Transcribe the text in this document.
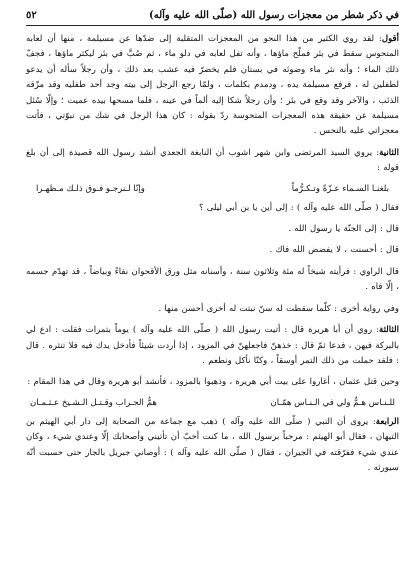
في ذكر شطر من معجزات رسول الله (صلّى الله عليه وآله)
٥٢

أقول: لقد روي الكثير من هذا النحو من المعجزات المتقلبة إلى ضدّها عن مسيلمة ، منها أن لعابه المتحوس سقط في بئر فملّح ماؤها ، وأنه تفل لعابه في دلو ماء ، ثم صُبَّ في بئر ليكثر ماؤها ، فجفّ ذلك الماء ؛ وأنه نثر ماء وضوئه في بستان فلم يخضرّ فيه عشب بعد ذلك ، وأن رجلاً سأله أن يدعو لطفلين له ، فرفع مسيلمة يده ، ودمدم بكلمات ، ولمّا رجع الرجل إلى بيته وجد أحد طفليه وقد مزّقه الذئب ، والآخر وقد وقع في بئر ؛ وأن رجلاً شكا إليه ألماً في عينه ، فلما مسحها بيده عميت ؛ وإلّا سُئل مسيلمة عن حقيقة هذه المعجزات المتحوسة ردّ بقوله : كان هذا الرجل في شك من نبوّتي ، فأتت معجزاتي عليه بالنحس .

الثانية: يروي السيد المرتضى وابن شهر اشوب أن النابغة الجعدي أنشد رسول الله قصيدة إلى أن بلغ قوله :

بلغنـا السـماء عـزّةً وتـكـرُّماً
وإنّا لـنرجـو فـوق ذلـك مـظهـرا

فقال ( صلّى الله عليه وآله ) : إلى أين يا بن أبي ليلى ؟

قال : إلى الجنّة يا رسول الله .

قال : أحسنت ، لا يفضض الله فاك .

قال الراوي : فرأيته شيخاً له مئة وثلاثون سنة ، وأسنانه مثل ورق الأقحوان نقاءً وبياضاً ، قد تهدّم جسمه ، إلّا فاه .

وفي رواية أخرى : كلّما سقطت له سنّ نبتت له أخرى أحسن منها .

الثالثة: روي أن أبا هريرة قال : أتيت رسول الله ( صلّى الله عليه وآله ) يوماً بتمرات فقلت : ادع لي بالبركة فيهن ، فدعا ثمّ قال : خذهنّ فاجعلهنّ في المزود ، إذا أردت شيئاً فأدخل يدك فيه فلا تنثره . قال : فلقد حملت من ذلك التمر أوسقاً ، وكنّا نأكل ونطعم .

وحين قتل عثمان ، أغاروا على بيت أبي هريرة ، وذهبوا بالمزود ، فأنشد أبو هريرة وقال في هذا المقام :

للـنـاس هـمٌّ ولي في الـنـاس همّـان
همُّ الجـراب وقـتـل الـشـيخ عـثـمـان

الرابعة: يروى أن النبي ( صلّى الله عليه وآله ) ذهب مع جماعة من الصحابة إلى دار أبي الهيثم بن التيهان ، فقال أبو الهيثم : مرحباً برسول الله ، ما كنت أحبّ أن تأتيني وأصحابك إلّا وعندي شيء ، وكان عندي شيء ففرّقته في الجيران ، فقال ( صلّى الله عليه وآله ) : أوصاني جبريل بالجار حتى حسبت أنّه سيورثه .
